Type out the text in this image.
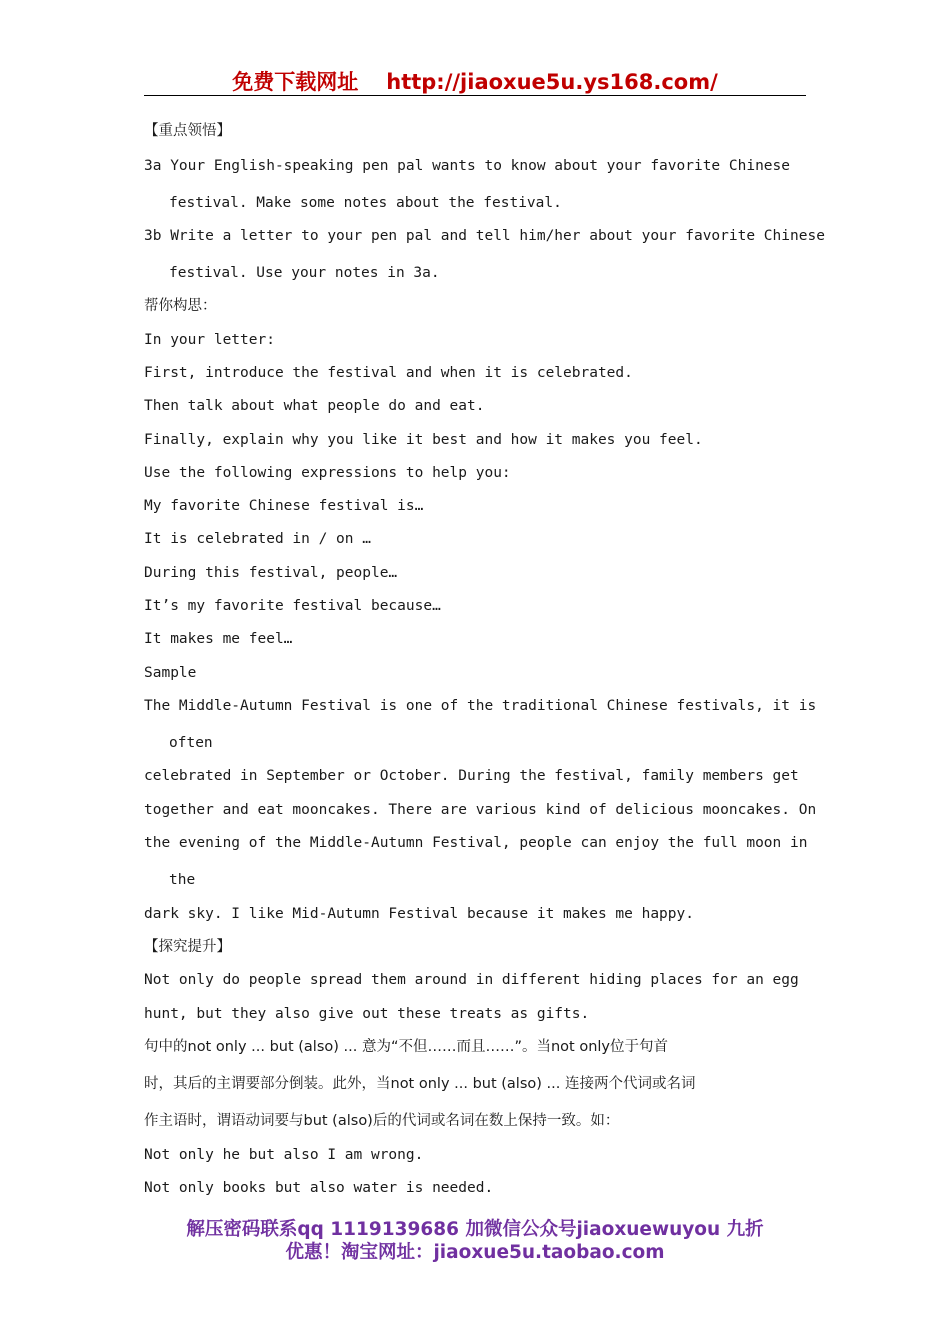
免费下载网址 http://jiaoxue5u.ys168.com/
【重点领悟】
3a Your English-speaking pen pal wants to know about your favorite Chinese
festival. Make some notes about the festival.
3b Write a letter to your pen pal and tell him/her about your favorite Chinese
festival. Use your notes in 3a.
帮你构思：
In your letter:
First, introduce the festival and when it is celebrated.
Then talk about what people do and eat.
Finally, explain why you like it best and how it makes you feel.
Use the following expressions to help you:
My favorite Chinese festival is…
It is celebrated in / on …
During this festival, people…
It’s my favorite festival because…
It makes me feel…
Sample
The Middle-Autumn Festival is one of the traditional Chinese festivals, it is
often
celebrated in September or October. During the festival, family members get
together and eat mooncakes. There are various kind of delicious mooncakes. On
the evening of the Middle-Autumn Festival, people can enjoy the full moon in
the
dark sky. I like Mid-Autumn Festival because it makes me happy.
【探究提升】
Not only do people spread them around in different hiding places for an egg
hunt, but they also give out these treats as gifts.
句中的not only ... but (also) ... 意为“不但……而且……”。当not only位于句首
时，其后的主谓要部分倒装。此外，当not only ... but (also) ... 连接两个代词或名词
作主语时，谓语动词要与but (also)后的代词或名词在数上保持一致。如：
Not only he but also I am wrong.
Not only books but also water is needed.
解压密码联系qq 1119139686 加微信公众号jiaoxuewuyou 九折
优惠！淘宝网址：jiaoxue5u.taobao.com
